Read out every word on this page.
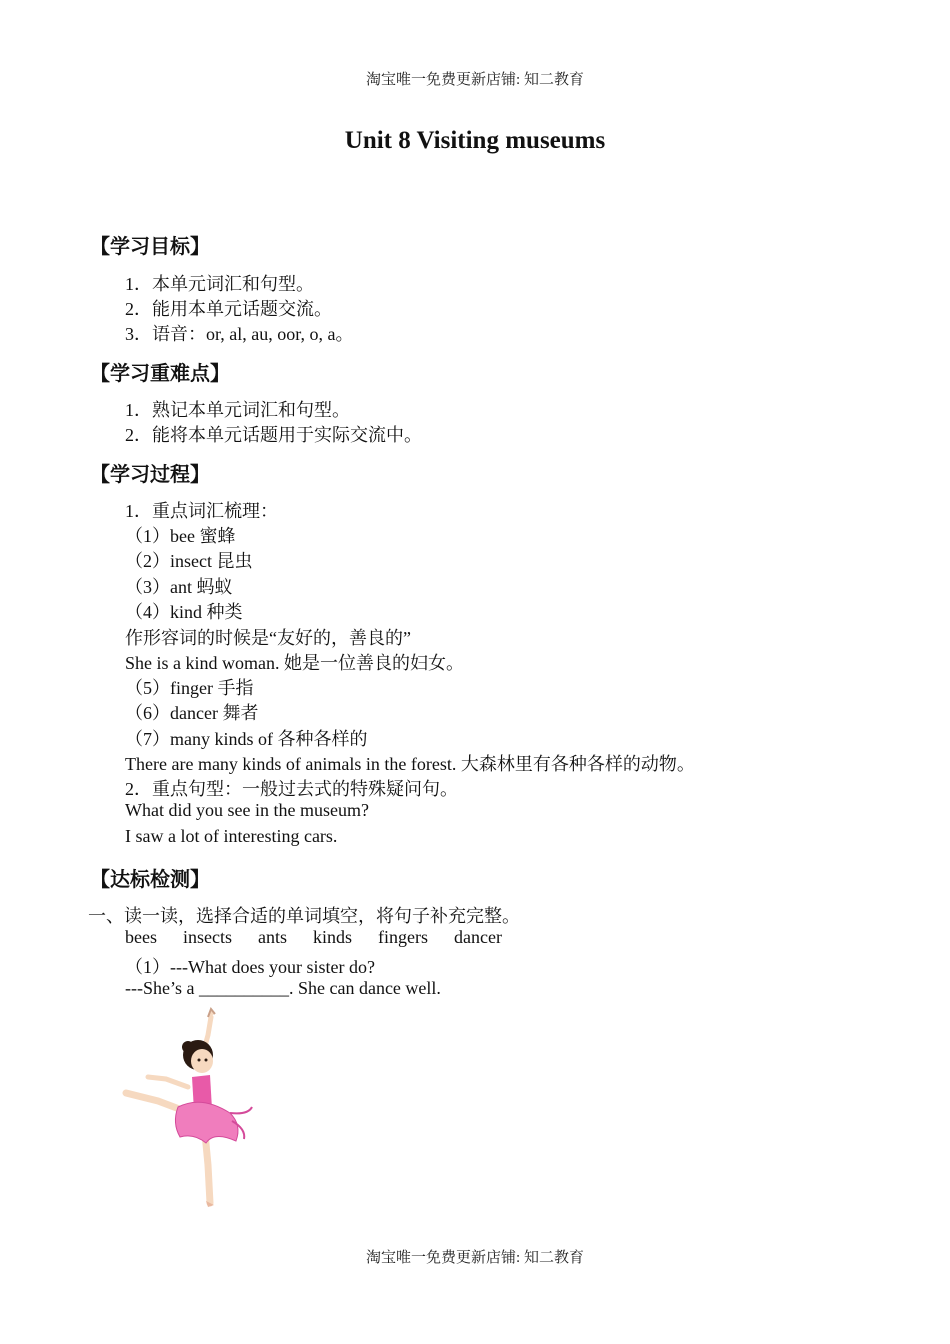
淘宝唯一免费更新店铺: 知二教育
Unit 8 Visiting museums
【学习目标】
1．本单元词汇和句型。
2．能用本单元话题交流。
3．语音：or, al, au, oor, o, a。
【学习重难点】
1．熟记本单元词汇和句型。
2．能将本单元话题用于实际交流中。
【学习过程】
1．重点词汇梳理：
（1）bee 蜜蜂
（2）insect 昆虫
（3）ant 蚂蚁
（4）kind 种类
作形容词的时候是“友好的，善良的”
She is a kind woman. 她是一位善良的妇女。
（5）finger 手指
（6）dancer 舞者
（7）many kinds of 各种各样的
There are many kinds of animals in the forest. 大森林里有各种各样的动物。
2．重点句型：一般过去式的特殊疑问句。
What did you see in the museum?
I saw a lot of interesting cars.
【达标检测】
一、读一读，选择合适的单词填空，将句子补充完整。
bees insects ants kinds fingers dancer
（1）---What does your sister do?
---She’s a __________. She can dance well.
淘宝唯一免费更新店铺: 知二教育
